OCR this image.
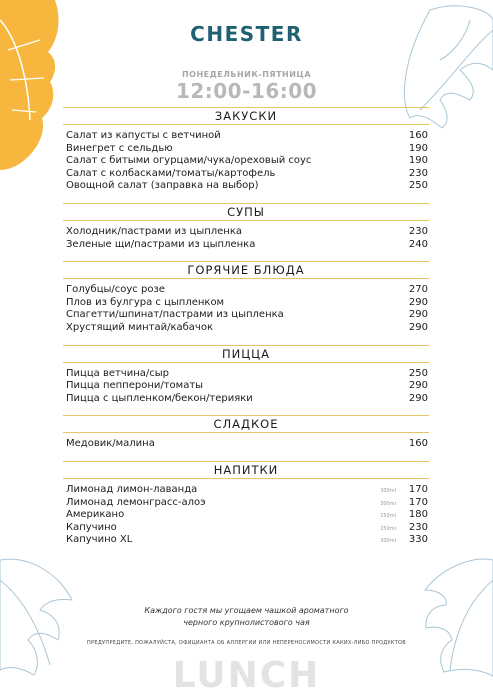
CHESTER
ПОНЕДЕЛЬНИК-ПЯТНИЦА
12:00-16:00
ЗАКУСКИ
Салат из капусты с ветчиной	160
Винегрет с сельдью	190
Салат с битыми огурцами/чука/ореховый соус	190
Салат с колбасками/томаты/картофель	230
Овощной салат (заправка на выбор)	250
СУПЫ
Холодник/пастрами из цыпленка	230
Зеленые щи/пастрами из цыпленка	240
ГОРЯЧИЕ БЛЮДА
Голубцы/соус розе	270
Плов из булгура с цыпленком	290
Спагетти/шпинат/пастрами из цыпленка	290
Хрустящий минтай/кабачок	290
ПИЦЦА
Пицца ветчина/сыр	250
Пицца пепперони/томаты	290
Пицца с цыпленком/бекон/терияки	290
СЛАДКОЕ
Медовик/малина	160
НАПИТКИ
Лимонад лимон-лаванда	300ml	170
Лимонад лемонграсс-алоэ	300ml	170
Американо	250ml	180
Капучино	250ml	230
Капучино XL	300ml	330
Каждого гостя мы угощаем чашкой ароматного
черного крупнолистового чая
ПРЕДУПРЕДИТЕ, ПОЖАЛУЙСТА, ОФИЦИАНТА ОБ АЛЛЕРГИИ ИЛИ НЕПЕРЕНОСИМОСТИ КАКИХ-ЛИБО ПРОДУКТОВ
LUNCH
